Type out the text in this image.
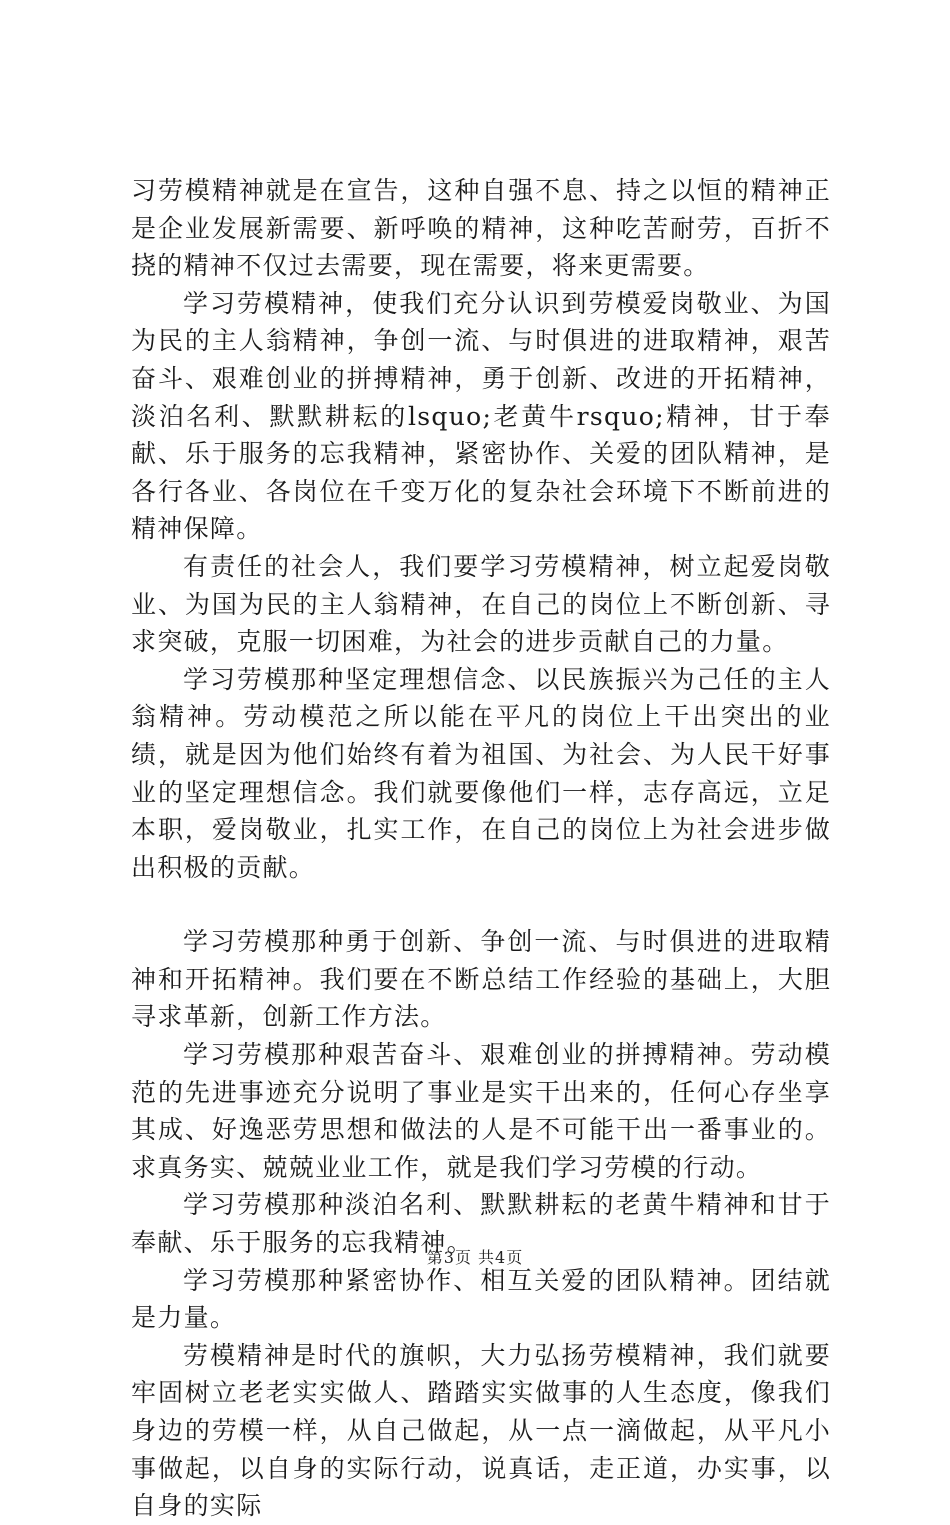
习劳模精神就是在宣告，这种自强不息、持之以恒的精神正是企业发展新需要、新呼唤的精神，这种吃苦耐劳，百折不挠的精神不仅过去需要，现在需要，将来更需要。

学习劳模精神，使我们充分认识到劳模爱岗敬业、为国为民的主人翁精神，争创一流、与时俱进的进取精神，艰苦奋斗、艰难创业的拼搏精神，勇于创新、改进的开拓精神，淡泊名利、默默耕耘的lsquo;老黄牛rsquo;精神，甘于奉献、乐于服务的忘我精神，紧密协作、关爱的团队精神，是各行各业、各岗位在千变万化的复杂社会环境下不断前进的精神保障。

有责任的社会人，我们要学习劳模精神，树立起爱岗敬业、为国为民的主人翁精神，在自己的岗位上不断创新、寻求突破，克服一切困难，为社会的进步贡献自己的力量。

学习劳模那种坚定理想信念、以民族振兴为己任的主人翁精神。劳动模范之所以能在平凡的岗位上干出突出的业绩，就是因为他们始终有着为祖国、为社会、为人民干好事业的坚定理想信念。我们就要像他们一样，志存高远，立足本职，爱岗敬业，扎实工作，在自己的岗位上为社会进步做出积极的贡献。

学习劳模那种勇于创新、争创一流、与时俱进的进取精神和开拓精神。我们要在不断总结工作经验的基础上，大胆寻求革新，创新工作方法。

学习劳模那种艰苦奋斗、艰难创业的拼搏精神。劳动模范的先进事迹充分说明了事业是实干出来的，任何心存坐享其成、好逸恶劳思想和做法的人是不可能干出一番事业的。求真务实、兢兢业业工作，就是我们学习劳模的行动。

学习劳模那种淡泊名利、默默耕耘的老黄牛精神和甘于奉献、乐于服务的忘我精神。

学习劳模那种紧密协作、相互关爱的团队精神。团结就是力量。

劳模精神是时代的旗帜，大力弘扬劳模精神，我们就要牢固树立老老实实做人、踏踏实实做事的人生态度，像我们身边的劳模一样，从自己做起，从一点一滴做起，从平凡小事做起，以自身的实际行动，说真话，走正道，办实事，以自身的实际

第3页 共4页
